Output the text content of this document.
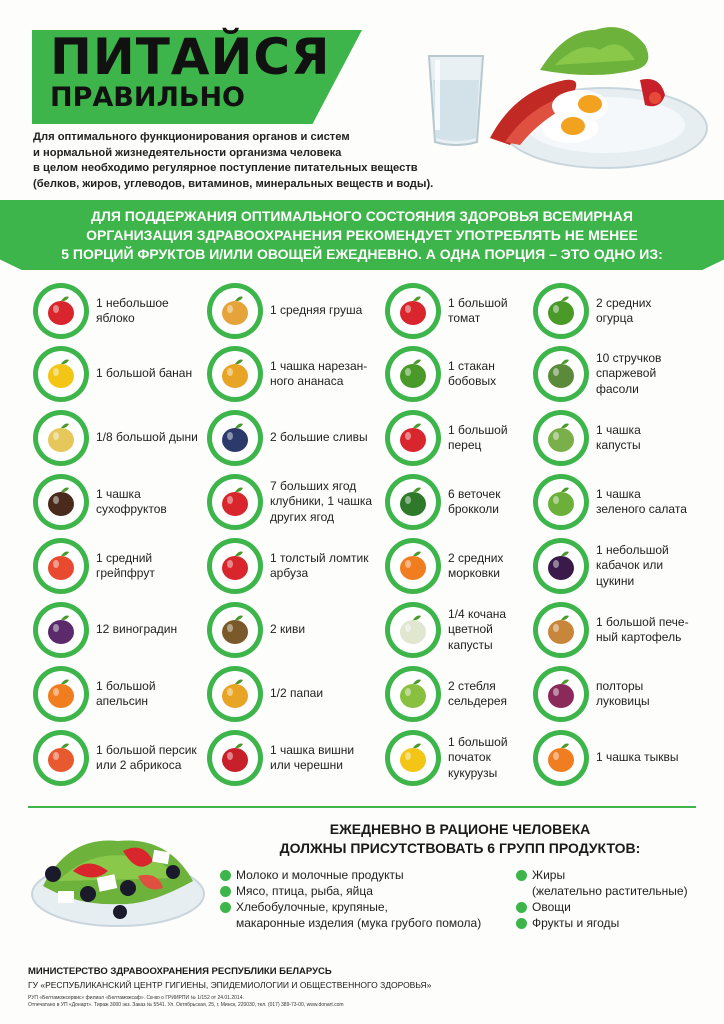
ПИТАЙСЯ
ПРАВИЛЬНО
Для оптимального функционирования органов и систем
и нормальной жизнедеятельности организма человека
в целом необходимо регулярное поступление питательных веществ
(белков, жиров, углеводов, витаминов, минеральных веществ и воды).
ДЛЯ ПОДДЕРЖАНИЯ ОПТИМАЛЬНОГО СОСТОЯНИЯ ЗДОРОВЬЯ ВСЕМИРНАЯ
ОРГАНИЗАЦИЯ ЗДРАВООХРАНЕНИЯ РЕКОМЕНДУЕТ УПОТРЕБЛЯТЬ НЕ МЕНЕЕ
5 ПОРЦИЙ ФРУКТОВ И/ИЛИ ОВОЩЕЙ ЕЖЕДНЕВНО. А ОДНА ПОРЦИЯ – ЭТО ОДНО ИЗ:
1 небольшое
яблоко
1 большой банан
1/8 большой дыни
1 чашка
сухофруктов
1 средний
грейпфрут
12 виноградин
1 большой
апельсин
1 большой персик
или 2 абрикоса
1 средняя груша
1 чашка нарезан-
ного ананаса
2 большие сливы
7 больших ягод
клубники, 1 чашка
других ягод
1 толстый ломтик
арбуза
2 киви
1/2 папаи
1 чашка вишни
или черешни
1 большой
томат
1 стакан
бобовых
1 большой
перец
6 веточек
брокколи
2 средних
морковки
1/4 кочана
цветной
капусты
2 стебля
сельдерея
1 большой
початок
кукурузы
2 средних
огурца
10 стручков
спаржевой
фасоли
1 чашка
капусты
1 чашка
зеленого салата
1 небольшой
кабачок или
цукини
1 большой пече-
ный картофель
полторы
луковицы
1 чашка тыквы
ЕЖЕДНЕВНО В РАЦИОНЕ ЧЕЛОВЕКА
ДОЛЖНЫ ПРИСУТСТВОВАТЬ 6 ГРУПП ПРОДУКТОВ:
Молоко и молочные продукты
Мясо, птица, рыба, яйца
Хлебобулочные, крупяные,
макаронные изделия (мука грубого помола)
Жиры
(желательно растительные)
Овощи
Фрукты и ягоды
МИНИСТЕРСТВО ЗДРАВООХРАНЕНИЯ РЕСПУБЛИКИ БЕЛАРУСЬ
ГУ «РЕСПУБЛИКАНСКИЙ ЦЕНТР ГИГИЕНЫ, ЭПИДЕМИОЛОГИИ И ОБЩЕСТВЕННОГО ЗДОРОВЬЯ»
РУП «Белтаможсервис» филиал «Белтаможсаф». Св-во о ГРИИРПИ № 1/152 от 24.01.2014.
Отпечатано в УП «Донарт». Тираж 3000 экз. Заказ № 5541. Ул. Октябрьская, 25, г. Минск, 220030, тел. (017) 389-73-00, www.donart.com
